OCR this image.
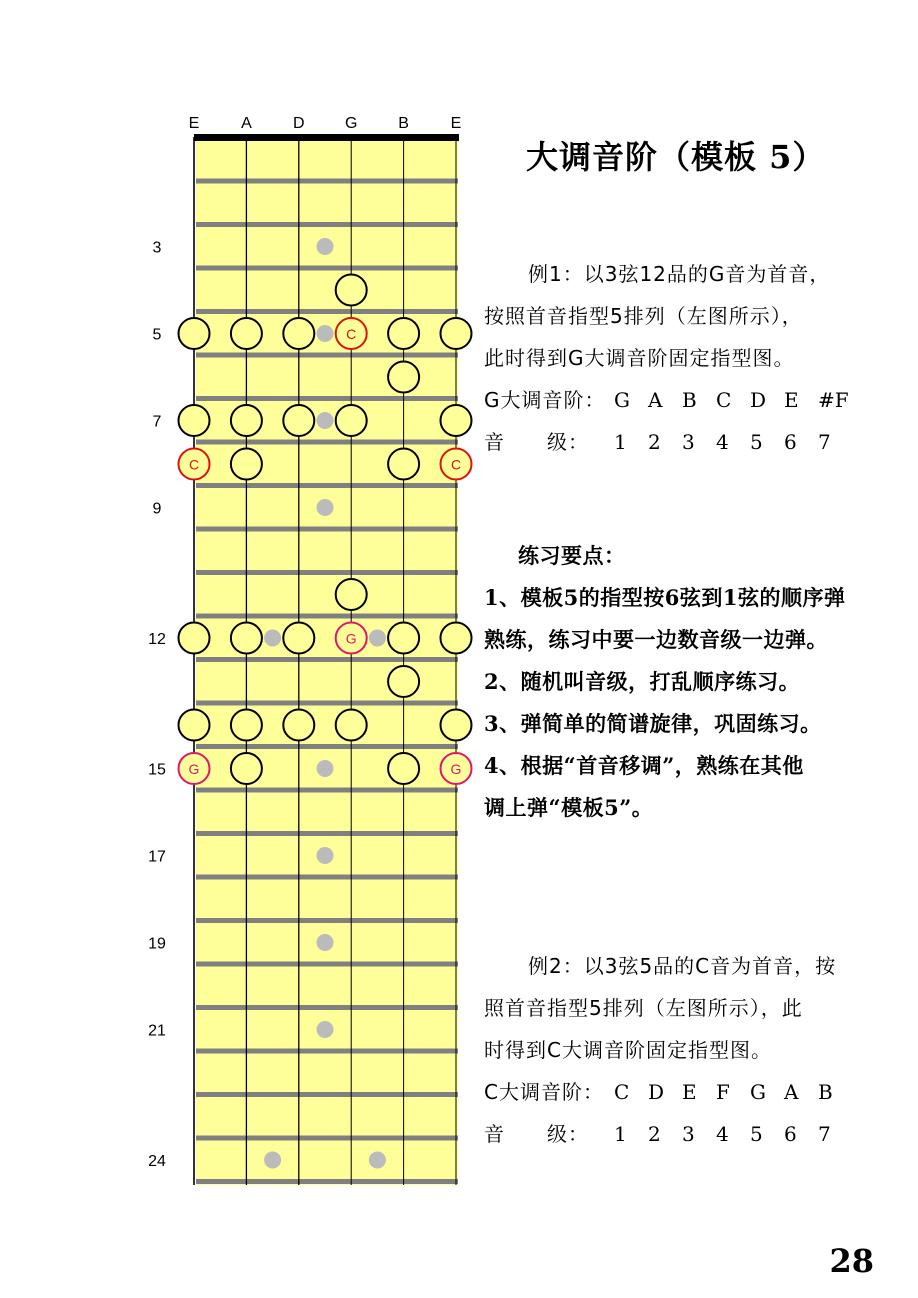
E	A	D	G	B	E
3
5
7
9
12
15
17
19
21
24
C
C	C
G
G	G
大调音阶（模板 5）
例1：以3弦12品的G音为首音，
按照首音指型5排列（左图所示），
此时得到G大调音阶固定指型图。
G大调音阶： G A B C D E #F
音　　级：	1	2	3	4	5	6	7
练习要点：
1、模板5的指型按6弦到1弦的顺序弹
熟练，练习中要一边数音级一边弹。
2、随机叫音级，打乱顺序练习。
3、弹简单的简谱旋律，巩固练习。
4、根据“首音移调”，熟练在其他
调上弹“模板5”。
例2：以3弦5品的C音为首音，按
照首音指型5排列（左图所示），此
时得到C大调音阶固定指型图。
C大调音阶： C D E F	G A B
音　　级：	1	2	3	4	5	6	7
28
